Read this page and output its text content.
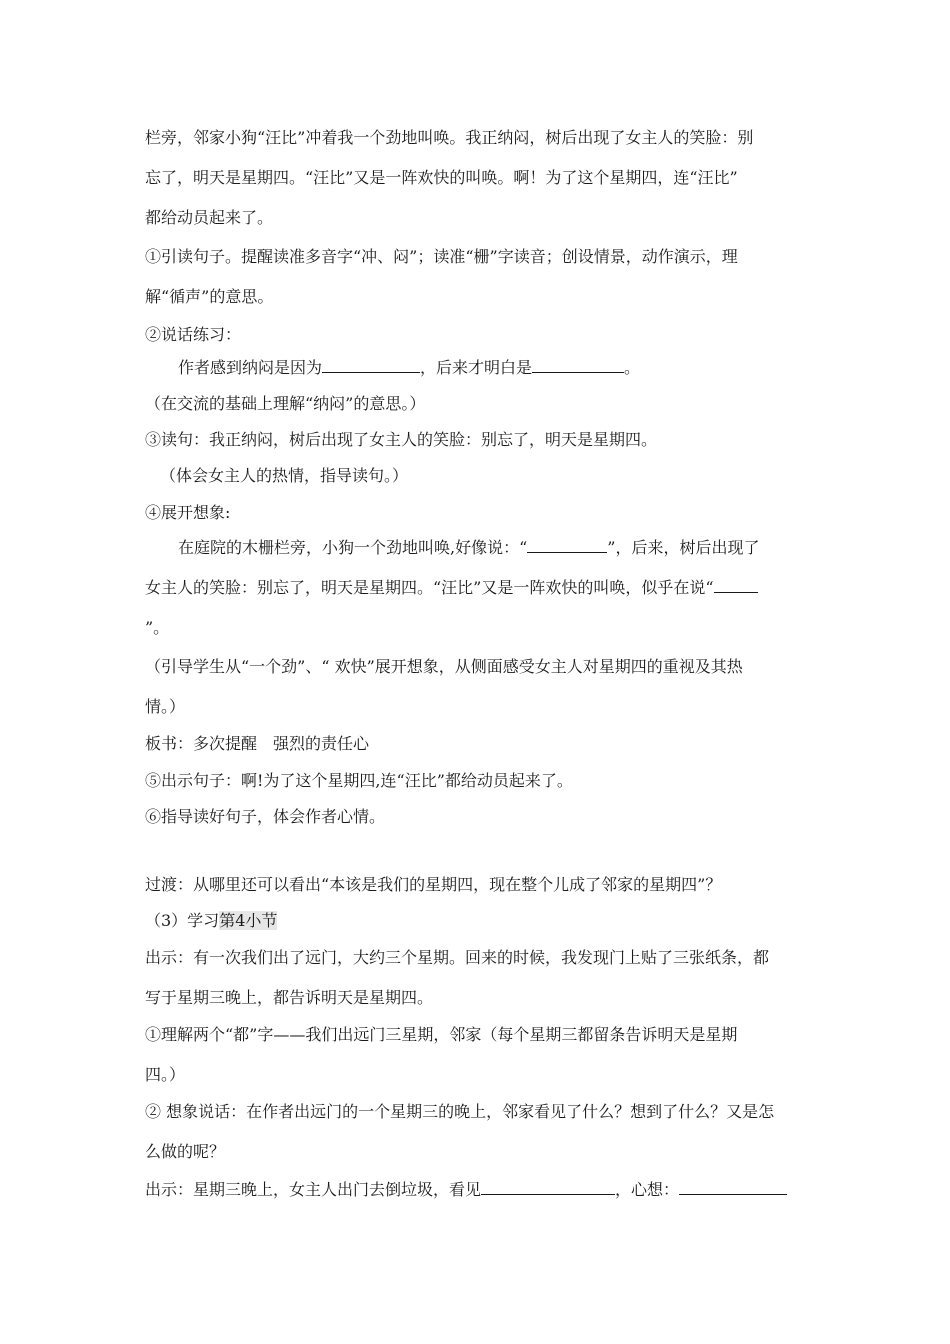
栏旁，邻家小狗“汪比”冲着我一个劲地叫唤。我正纳闷，树后出现了女主人的笑脸：别
忘了，明天是星期四。“汪比”又是一阵欢快的叫唤。啊！为了这个星期四，连“汪比”
都给动员起来了。
①引读句子。提醒读准多音字“冲、闷”；读准“栅”字读音；创设情景，动作演示，理
解“循声”的意思。
②说话练习：
作者感到纳闷是因为	，后来才明白是	。
（在交流的基础上理解“纳闷”的意思。）
③读句：我正纳闷，树后出现了女主人的笑脸：别忘了，明天是星期四。
（体会女主人的热情，指导读句。）
④展开想象:
在庭院的木栅栏旁，小狗一个劲地叫唤,好像说：“	”，后来，树后出现了
女主人的笑脸：别忘了，明天是星期四。“汪比”又是一阵欢快的叫唤，似乎在说“
”。
（引导学生从“一个劲”、“ 欢快”展开想象，从侧面感受女主人对星期四的重视及其热
情。）
板书：多次提醒　强烈的责任心
⑤出示句子：啊!为了这个星期四,连“汪比”都给动员起来了。
⑥指导读好句子，体会作者心情。
过渡：从哪里还可以看出“本该是我们的星期四，现在整个儿成了邻家的星期四”？
（3）学习第4小节
出示：有一次我们出了远门，大约三个星期。回来的时候，我发现门上贴了三张纸条，都
写于星期三晚上，都告诉明天是星期四。
①理解两个“都”字——我们出远门三星期，邻家（每个星期三都留条告诉明天是星期
四。）
② 想象说话：在作者出远门的一个星期三的晚上，邻家看见了什么？想到了什么？又是怎
么做的呢？
出示：星期三晚上，女主人出门去倒垃圾，看见	，心想：
